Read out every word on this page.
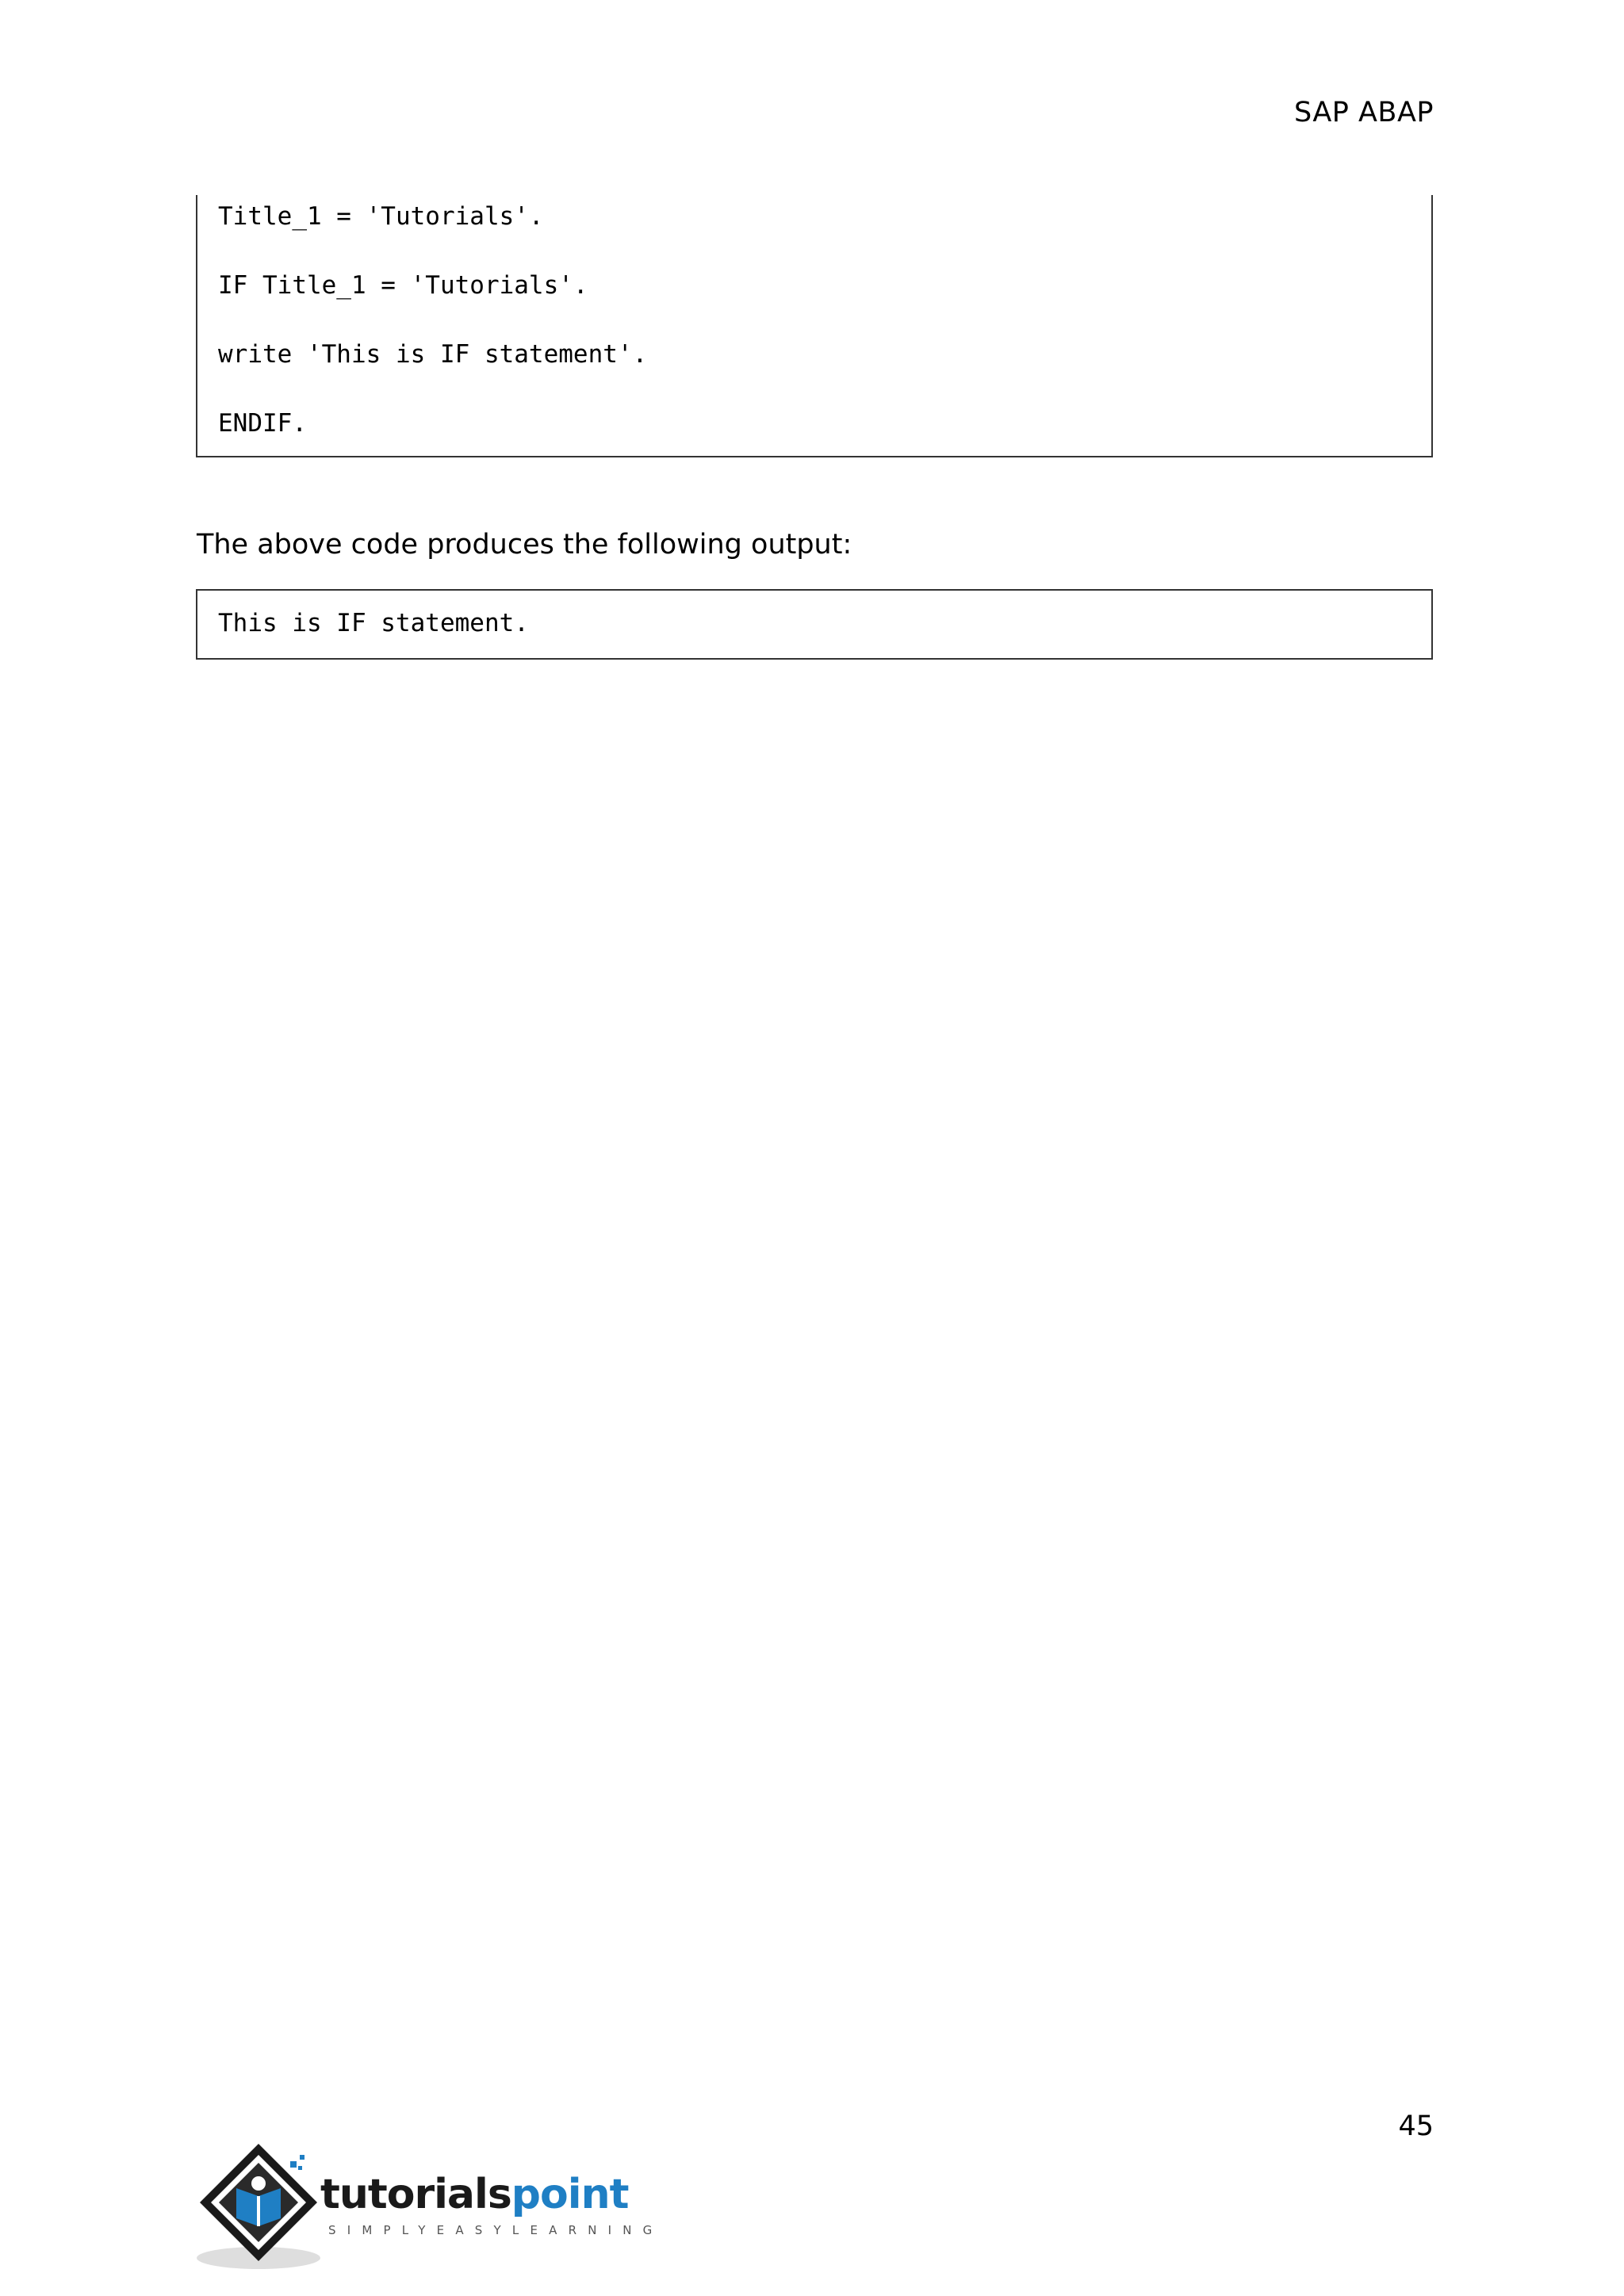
SAP ABAP
Title_1 = 'Tutorials'.
IF Title_1 = 'Tutorials'.
write 'This is IF statement'.
ENDIF.
The above code produces the following output:
This is IF statement.
45
tutorialspoint
SIMPLYEASYLEARNING
